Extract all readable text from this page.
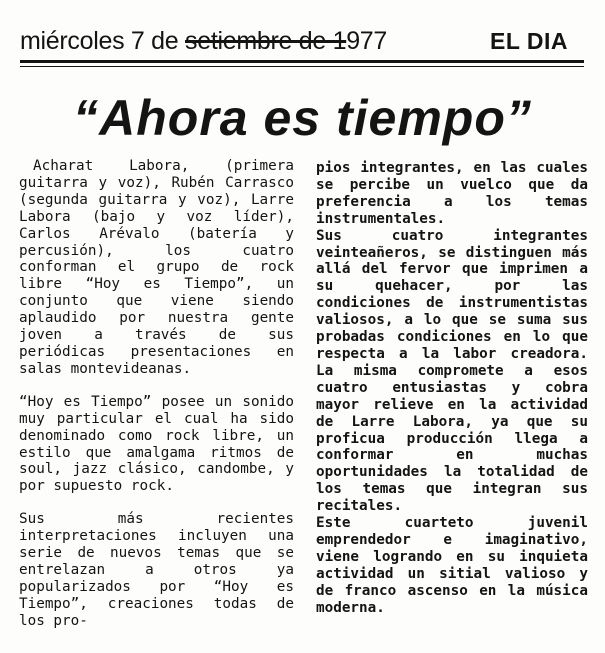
miércoles 7 de setiembre de 1977	EL DIA
“Ahora es tiempo”

Acharat Labora, (primera guitarra y voz), Rubén Carrasco (segunda guitarra y voz), Larre Labora (bajo y voz líder), Carlos Arévalo (batería y percusión), los cuatro conforman el grupo de rock libre “Hoy es Tiempo”, un conjunto que viene siendo aplaudido por nuestra gente joven a través de sus periódicas presentaciones en salas montevideanas.

“Hoy es Tiempo” posee un sonido muy particular el cual ha sido denominado como rock libre, un estilo que amalgama ritmos de soul, jazz clásico, candombe, y por supuesto rock.

Sus más recientes interpretaciones incluyen una serie de nuevos temas que se entrelazan a otros ya popularizados por “Hoy es Tiempo”, creaciones todas de los pro-

pios integrantes, en las cuales se percibe un vuelco que da preferencia a los temas instrumentales.

Sus cuatro integrantes veinteañeros, se distinguen más allá del fervor que imprimen a su quehacer, por las condiciones de instrumentistas valiosos, a lo que se suma sus probadas condiciones en lo que respecta a la labor creadora. La misma compromete a esos cuatro entusiastas y cobra mayor relieve en la actividad de Larre Labora, ya que su proficua producción llega a conformar en muchas oportunidades la totalidad de los temas que integran sus recitales.

Este cuarteto juvenil emprendedor e imaginativo, viene logrando en su inquieta actividad un sitial valioso y de franco ascenso en la música moderna.
